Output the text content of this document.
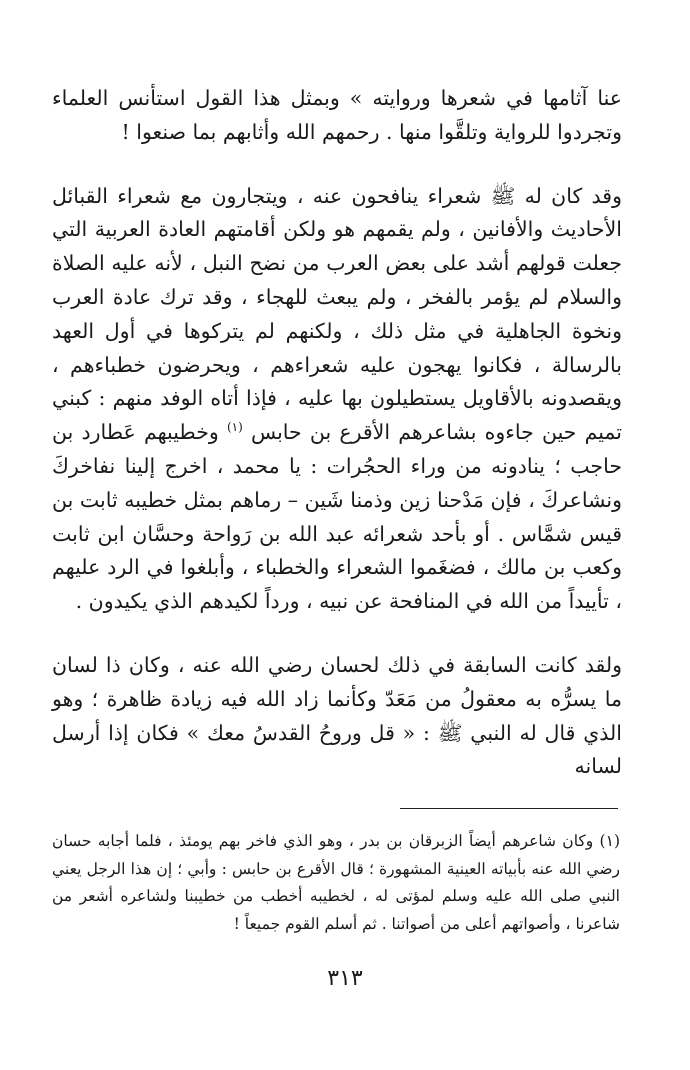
عنا آثامها في شعرها وروايته » وبمثل هذا القول استأنس العلماء وتجردوا للرواية وتلقَّوا منها . رحمهم الله وأثابهم بما صنعوا !

وقد كان له ﷺ شعراء ينافحون عنه ، ويتجارون مع شعراء القبائل الأحاديث والأفانين ، ولم يقمهم هو ولكن أقامتهم العادة العربية التي جعلت قولهم أشد على بعض العرب من نضح النبل ، لأنه عليه الصلاة والسلام لم يؤمر بالفخر ، ولم يبعث للهجاء ، وقد ترك عادة العرب ونخوة الجاهلية في مثل ذلك ، ولكنهم لم يتركوها في أول العهد بالرسالة ، فكانوا يهجون عليه شعراءهم ، ويحرضون خطباءهم ، ويقصدونه بالأقاويل يستطيلون بها عليه ، فإذا أتاه الوفد منهم : كبني تميم حين جاءوه بشاعرهم الأقرع بن حابس $^{(١)}$ وخطيبهم عَطارد بن حاجب ؛ ينادونه من وراء الحجُرات : يا محمد ، اخرج إلينا نفاخركَ ونشاعركَ ، فإن مَدْحنا زين وذمنا شَين – رماهم بمثل خطيبه ثابت بن قيس شمَّاس . أو بأحد شعرائه عبد الله بن رَواحة وحسَّان ابن ثابت وكعب بن مالك ، فضغَموا الشعراء والخطباء ، وأبلغوا في الرد عليهم ، تأييداً من الله في المنافحة عن نبيه ، ورداً لكيدهم الذي يكيدون .

ولقد كانت السابقة في ذلك لحسان رضي الله عنه ، وكان ذا لسان ما يسرُّه به معقولُ من مَعَدّ وكأنما زاد الله فيه زيادة ظاهرة ؛ وهو الذي قال له النبي ﷺ : « قل وروحُ القدسُ معك » فكان إذا أرسل لسانه

(١) وكان شاعرهم أيضاً الزبرقان بن بدر ، وهو الذي فاخر بهم يومئذ ، فلما أجابه حسان رضي الله عنه بأبياته العينية المشهورة ؛ قال الأقرع بن حابس : وأبي ؛ إن هذا الرجل يعني النبي صلى الله عليه وسلم لمؤتى له ، لخطيبه أخطب من خطيبنا ولشاعره أشعر من شاعرنا ، وأصواتهم أعلى من أصواتنا . ثم أسلم القوم جميعاً !

٣١٣
